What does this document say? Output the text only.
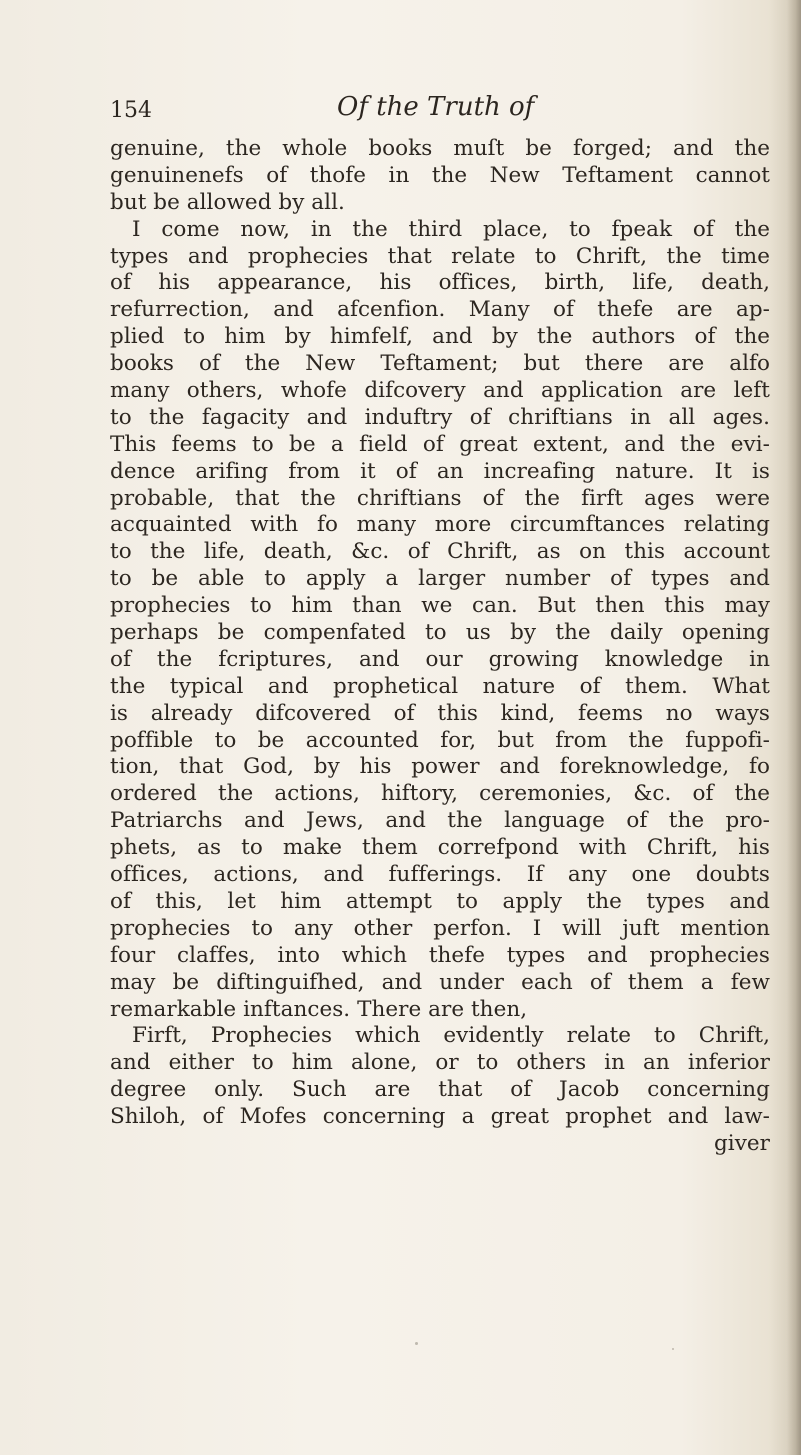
154	Of the Truth of
genuine, the whole books muſt be forged; and the
genuinenefs of thofe in the New Teftament cannot
but be allowed by all.
I come now, in the third place, to fpeak of the
types and prophecies that relate to Chrift, the time
of his appearance, his offices, birth, life, death,
refurrection, and afcenfion. Many of thefe are ap-
plied to him by himfelf, and by the authors of the
books of the New Teftament; but there are alfo
many others, whofe difcovery and application are left
to the fagacity and induftry of chriftians in all ages.
This feems to be a field of great extent, and the evi-
dence arifing from it of an increafing nature. It is
probable, that the chriftians of the firft ages were
acquainted with fo many more circumftances relating
to the life, death, &c. of Chrift, as on this account
to be able to apply a larger number of types and
prophecies to him than we can. But then this may
perhaps be compenfated to us by the daily opening
of the fcriptures, and our growing knowledge in
the typical and prophetical nature of them. What
is already difcovered of this kind, feems no ways
poffible to be accounted for, but from the fuppofi-
tion, that God, by his power and foreknowledge, fo
ordered the actions, hiftory, ceremonies, &c. of the
Patriarchs and Jews, and the language of the pro-
phets, as to make them correfpond with Chrift, his
offices, actions, and fufferings. If any one doubts
of this, let him attempt to apply the types and
prophecies to any other perfon. I will juft mention
four claffes, into which thefe types and prophecies
may be diftinguifhed, and under each of them a few
remarkable inftances. There are then,
Firft, Prophecies which evidently relate to Chrift,
and either to him alone, or to others in an inferior
degree only. Such are that of Jacob concerning
Shiloh, of Mofes concerning a great prophet and law-
giver
